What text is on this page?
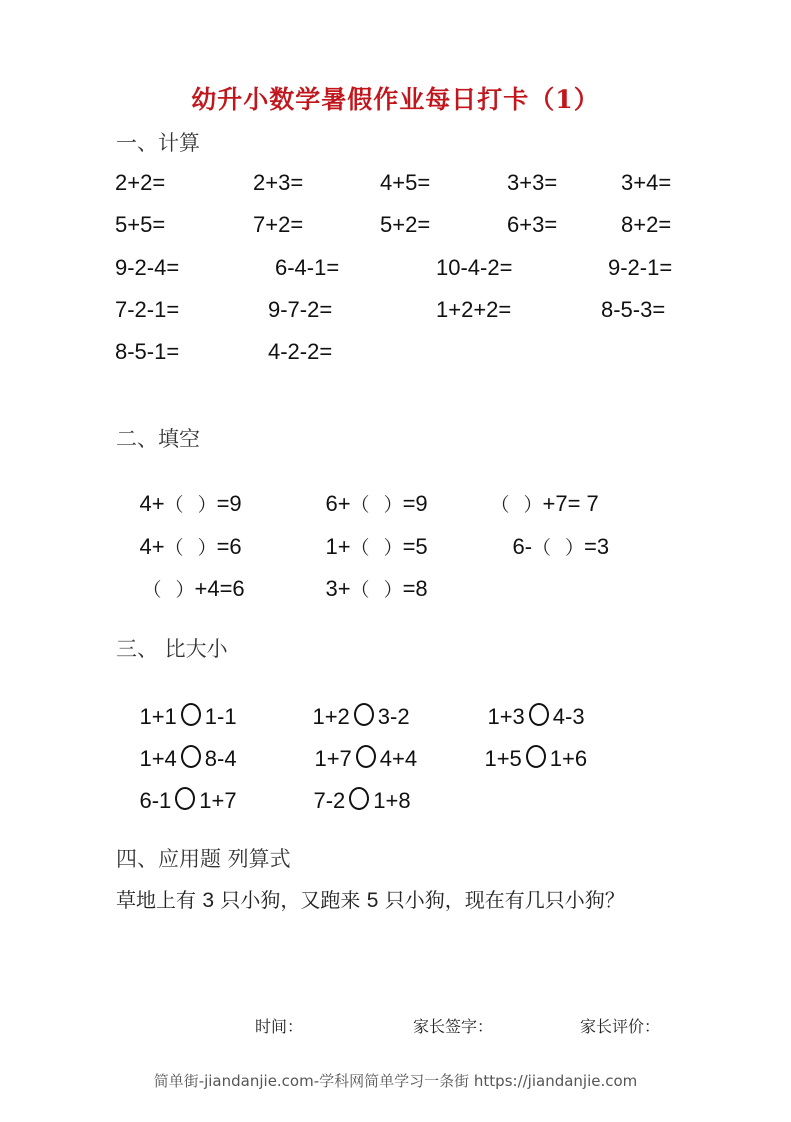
幼升小数学暑假作业每日打卡（1）
一、计算
2+2=	2+3=	4+5=	3+3=	3+4=
5+5=	7+2=	5+2=	6+3=	8+2=
9-2-4=	6-4-1=	10-4-2=	9-2-1=
7-2-1=	9-7-2=	1+2+2=	8-5-3=
8-5-1=	4-2-2=
二、填空

4+（ ）=9
	6+（ ）=9
	（ ）+7= 7

4+（ ）=6
	1+（ ）=5
	6-（ ）=3

（ ）+4=6
	3+（ ）=8

三、 比大小

1+1 1-1
	1+2 3-2
	1+3 4-3

1+4 8-4
	1+7 4+4
	1+5 1+6

6-1 1+7
	7-2 1+8

四、应用题 列算式
草地上有 3 只小狗，又跑来 5 只小狗，现在有几只小狗？
时间：	家长签字：	家长评价：
简单街-jiandanjie.com-学科网简单学习一条街 https://jiandanjie.com
